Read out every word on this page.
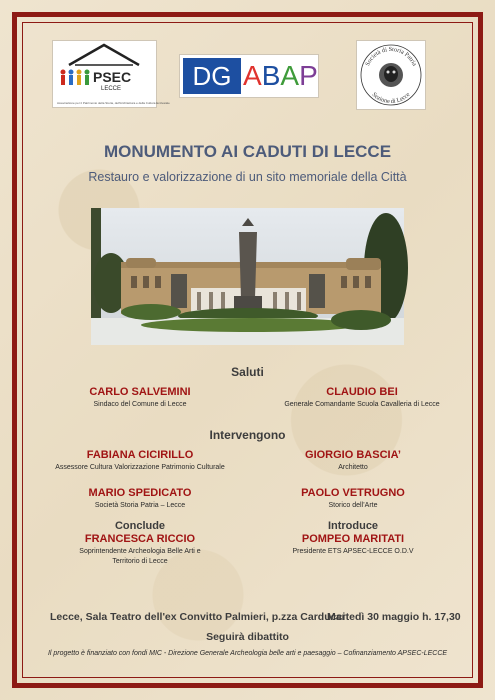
PSEC
LECCE
Associazione per il Patrimonio della Storia, dell'Architettura e della Cultura Ecclesiale
DG A B A P	Società di Storia Patria
Sezione di Lecce
MONUMENTO AI CADUTI DI LECCE
Restauro e valorizzazione di un sito memoriale della Città
Saluti
CARLO SALVEMINI
Sindaco del Comune di Lecce
CLAUDIO BEI
Generale Comandante Scuola Cavalleria di Lecce
Intervengono
FABIANA CICIRILLO
Assessore Cultura Valorizzazione Patrimonio Culturale
GIORGIO BASCIA’
Architetto
MARIO SPEDICATO
Società Storia Patria – Lecce
PAOLO VETRUGNO
Storico dell’Arte
Conclude
FRANCESCA RICCIO
Soprintendente Archeologia Belle Arti e
Territorio di Lecce
Introduce
POMPEO MARITATI
Presidente ETS APSEC-LECCE O.D.V
Lecce, Sala Teatro dell'ex Convitto Palmieri, p.zza Carducci
Martedì 30 maggio h. 17,30
Seguirà dibattito
Il progetto è finanziato con fondi MIC - Direzione Generale Archeologia belle arti e paesaggio – Cofinanziamento APSEC-LECCE
